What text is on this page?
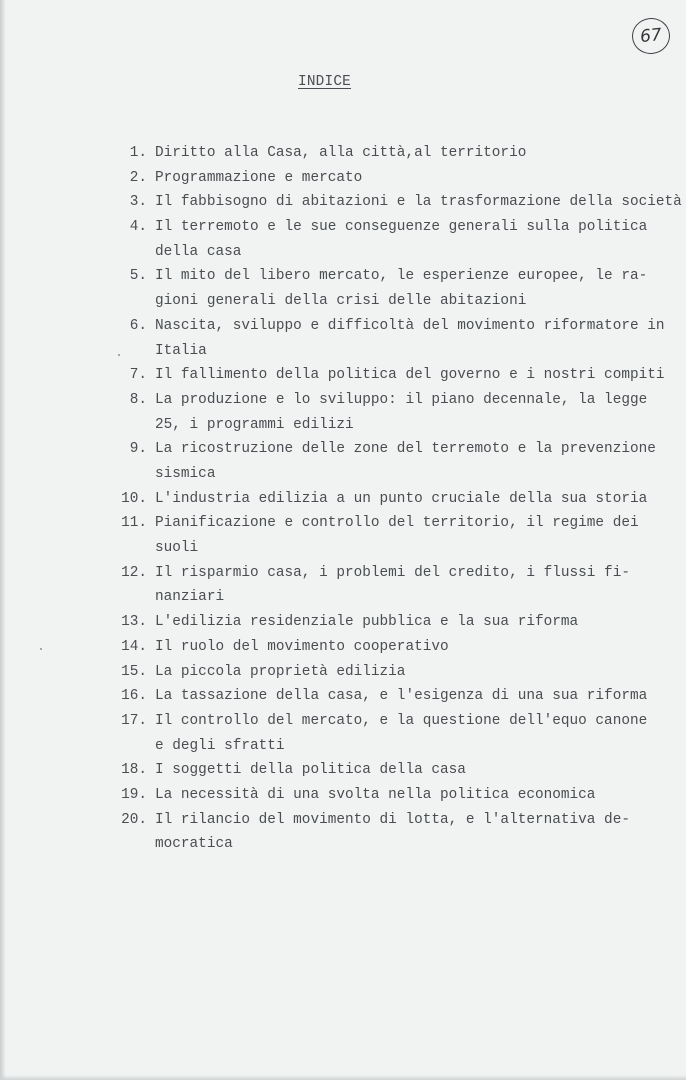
67
INDICE
1. Diritto alla Casa, alla città,al territorio
2. Programmazione e mercato
3. Il fabbisogno di abitazioni e la trasformazione della società
4. Il terremoto e le sue conseguenze generali sulla politica
della casa
5. Il mito del libero mercato, le esperienze europee, le ra-
gioni generali della crisi delle abitazioni
6. Nascita, sviluppo e difficoltà del movimento riformatore in
Italia
7. Il fallimento della politica del governo e i nostri compiti
8. La produzione e lo sviluppo: il piano decennale, la legge
25, i programmi edilizi
9. La ricostruzione delle zone del terremoto e la prevenzione
sismica
10. L'industria edilizia a un punto cruciale della sua storia
11. Pianificazione e controllo del territorio, il regime dei
suoli
12. Il risparmio casa, i problemi del credito, i flussi fi-
nanziari
13. L'edilizia residenziale pubblica e la sua riforma
14. Il ruolo del movimento cooperativo
15. La piccola proprietà edilizia
16. La tassazione della casa, e l'esigenza di una sua riforma
17. Il controllo del mercato, e la questione dell'equo canone
e degli sfratti
18. I soggetti della politica della casa
19. La necessità di una svolta nella politica economica
20. Il rilancio del movimento di lotta, e l'alternativa de-
mocratica
